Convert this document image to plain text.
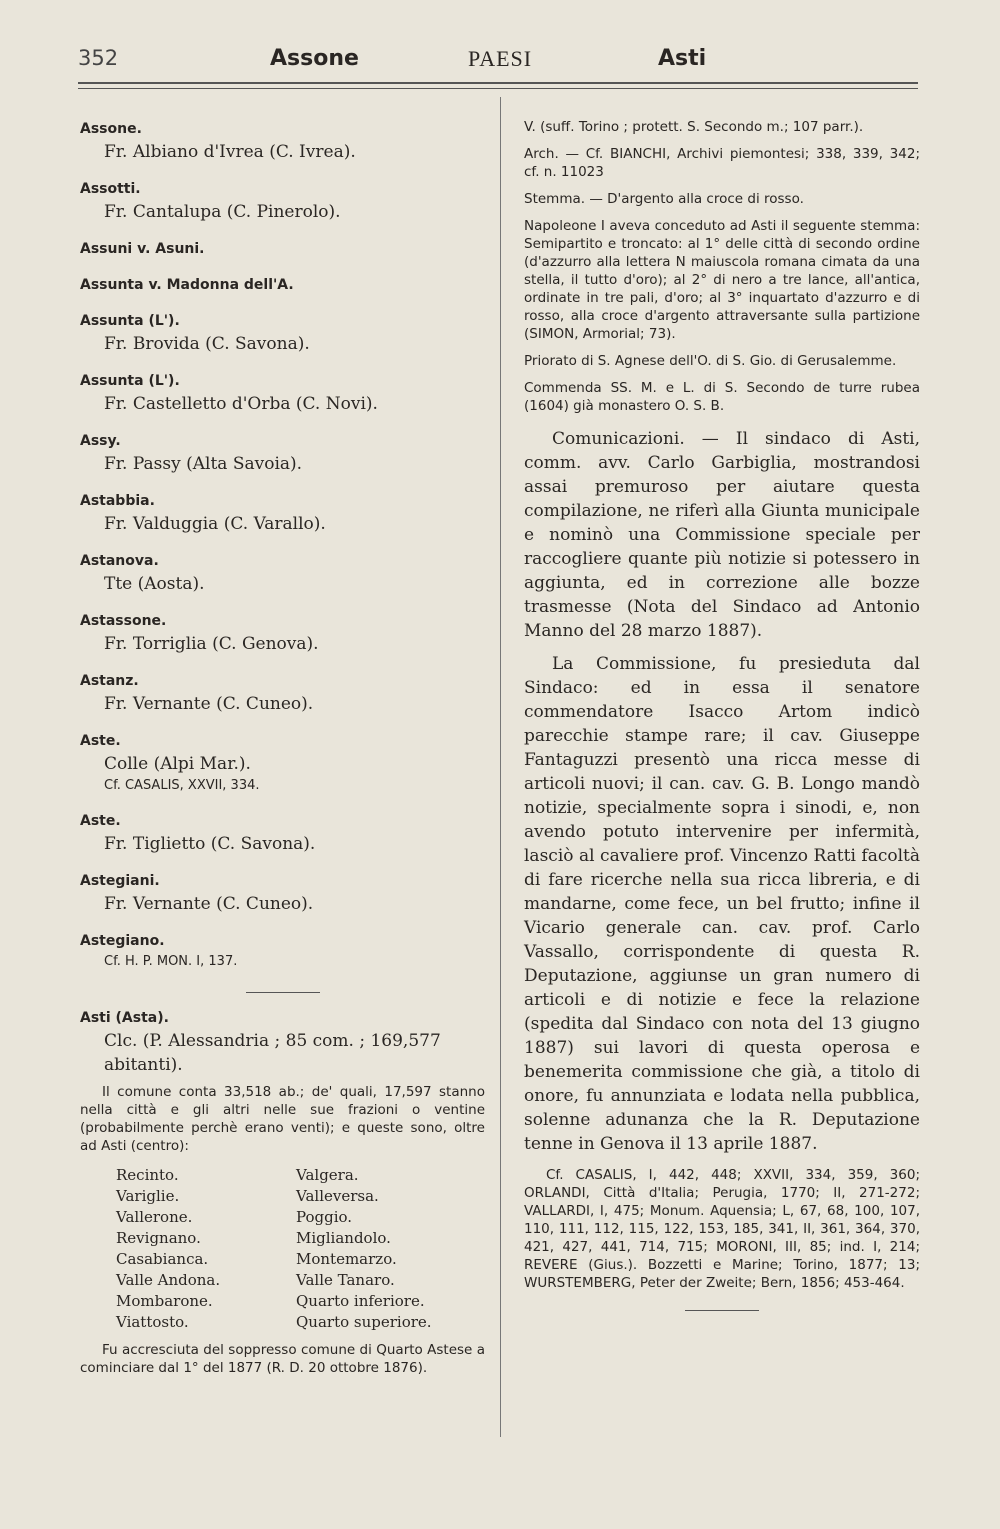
352	Assone	PAESI	Asti
Assone.
Fr. Albiano d'Ivrea (C. Ivrea).
Assotti.
Fr. Cantalupa (C. Pinerolo).
Assuni v. Asuni.
Assunta v. Madonna dell'A.
Assunta (L').
Fr. Brovida (C. Savona).
Assunta (L').
Fr. Castelletto d'Orba (C. Novi).
Assy.
Fr. Passy (Alta Savoia).
Astabbia.
Fr. Valduggia (C. Varallo).
Astanova.
Tte (Aosta).
Astassone.
Fr. Torriglia (C. Genova).
Astanz.
Fr. Vernante (C. Cuneo).
Aste.
Colle (Alpi Mar.).
Cf. CASALIS, XXVII, 334.
Aste.
Fr. Tiglietto (C. Savona).
Astegiani.
Fr. Vernante (C. Cuneo).
Astegiano.
Cf. H. P. MON. I, 137.
Asti (Asta).
Clc. (P. Alessandria ; 85 com. ; 169,577 abitanti).
Il comune conta 33,518 ab.; de' quali, 17,597 stanno nella città e gli altri nelle sue frazioni o ventine (probabilmente perchè erano venti); e queste sono, oltre ad Asti (centro):
Recinto.	Valgera.
Variglie.	Valleversa.
Vallerone.	Poggio.
Revignano.	Migliandolo.
Casabianca.	Montemarzo.
Valle Andona.	Valle Tanaro.
Mombarone.	Quarto inferiore.
Viattosto.	Quarto superiore.
Fu accresciuta del soppresso comune di Quarto Astese a cominciare dal 1° del 1877 (R. D. 20 ottobre 1876).
V. (suff. Torino ; protett. S. Secondo m.; 107 parr.).
Arch. — Cf. BIANCHI, Archivi piemontesi; 338, 339, 342; cf. n. 11023
Stemma. — D'argento alla croce di rosso.
Napoleone I aveva conceduto ad Asti il seguente stemma: Semipartito e troncato: al 1° delle città di secondo ordine (d'azzurro alla lettera N maiuscola romana cimata da una stella, il tutto d'oro); al 2° di nero a tre lance, all'antica, ordinate in tre pali, d'oro; al 3° inquartato d'azzurro e di rosso, alla croce d'argento attraversante sulla partizione (SIMON, Armorial; 73).
Priorato di S. Agnese dell'O. di S. Gio. di Gerusalemme.
Commenda SS. M. e L. di S. Secondo de turre rubea (1604) già monastero O. S. B.
Comunicazioni. — Il sindaco di Asti, comm. avv. Carlo Garbiglia, mostrandosi assai premuroso per aiutare questa compilazione, ne riferì alla Giunta municipale e nominò una Commissione speciale per raccogliere quante più notizie si potessero in aggiunta, ed in correzione alle bozze trasmesse (Nota del Sindaco ad Antonio Manno del 28 marzo 1887).
La Commissione, fu presieduta dal Sindaco: ed in essa il senatore commendatore Isacco Artom indicò parecchie stampe rare; il cav. Giuseppe Fantaguzzi presentò una ricca messe di articoli nuovi; il can. cav. G. B. Longo mandò notizie, specialmente sopra i sinodi, e, non avendo potuto intervenire per infermità, lasciò al cavaliere prof. Vincenzo Ratti facoltà di fare ricerche nella sua ricca libreria, e di mandarne, come fece, un bel frutto; infine il Vicario generale can. cav. prof. Carlo Vassallo, corrispondente di questa R. Deputazione, aggiunse un gran numero di articoli e di notizie e fece la relazione (spedita dal Sindaco con nota del 13 giugno 1887) sui lavori di questa operosa e benemerita commissione che già, a titolo di onore, fu annunziata e lodata nella pubblica, solenne adunanza che la R. Deputazione tenne in Genova il 13 aprile 1887.
Cf. CASALIS, I, 442, 448; XXVII, 334, 359, 360; ORLANDI, Città d'Italia; Perugia, 1770; II, 271-272; VALLARDI, I, 475; Monum. Aquensia; L, 67, 68, 100, 107, 110, 111, 112, 115, 122, 153, 185, 341, II, 361, 364, 370, 421, 427, 441, 714, 715; MORONI, III, 85; ind. I, 214; REVERE (Gius.). Bozzetti e Marine; Torino, 1877; 13; WURSTEMBERG, Peter der Zweite; Bern, 1856; 453-464.
